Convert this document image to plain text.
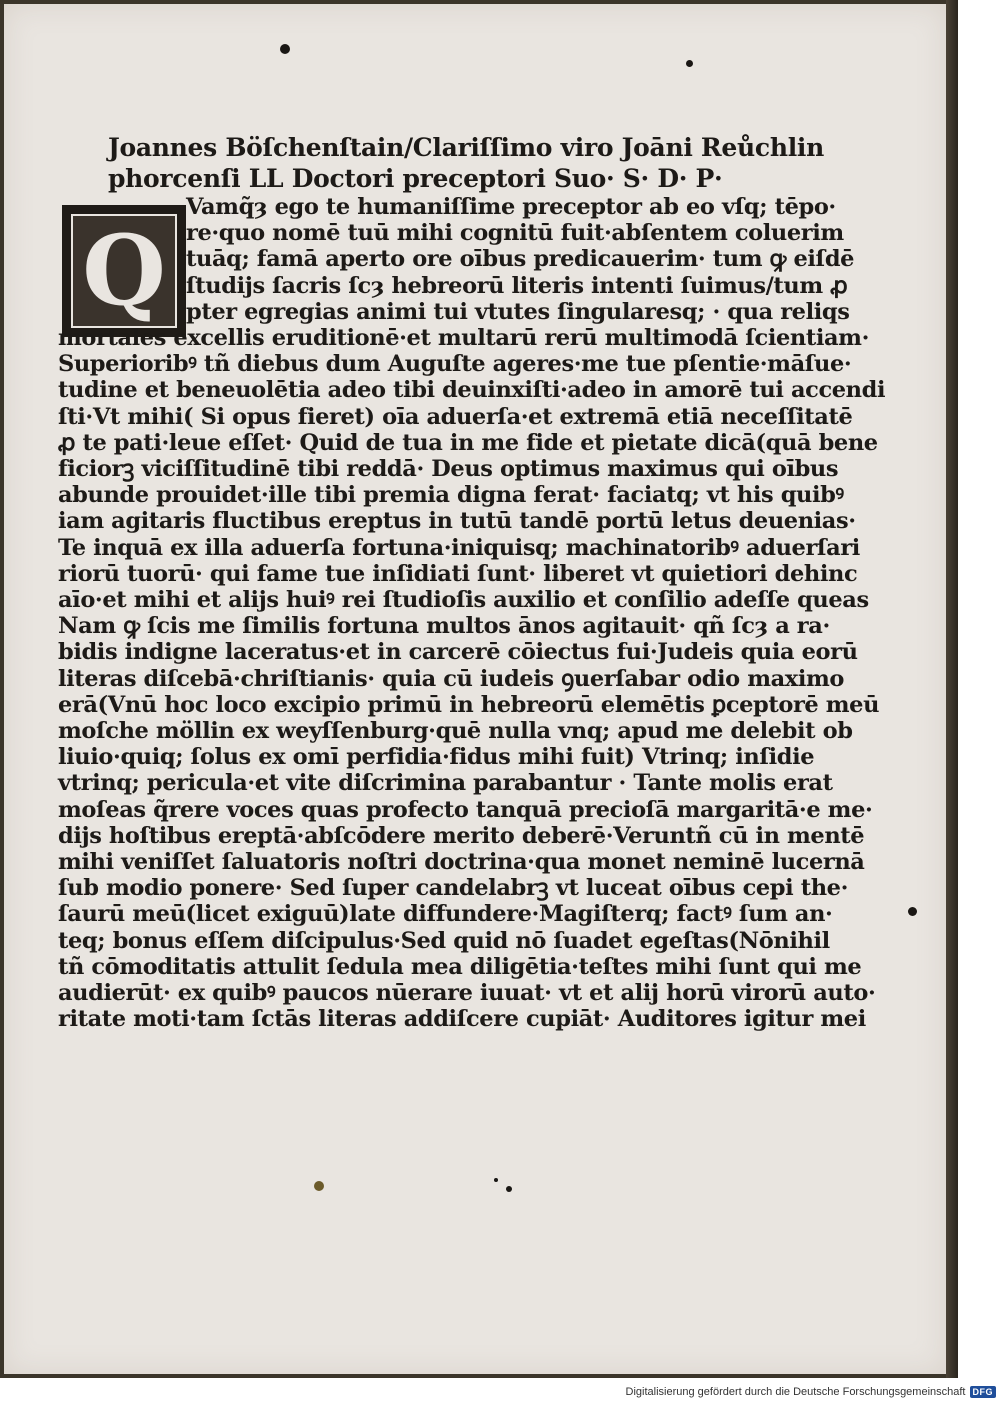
Q
Joannes Böſchenſtain/Clariſſimo viro Joāni Reůchlin
phorcenſi LL Doctori preceptori Suo· S· D· P·
Vamq̃ȝ ego te humaniſſime preceptor ab eo vſq; tēpo·
re·quo nomē tuū mihi cognitū fuit·abſentem coluerim
tuāq; famā aperto ore oībus predicauerim· tum ꝙ eiſdē
ſtudijs ſacris ſcȝ hebreorū literis intenti ſuimus/tum ꝓ
pter egregias animi tui vtutes ſingularesq; · qua reliqs
mortales excellis eruditionē·et multarū rerū multimodā ſcientiam·
Superioribꝰ tñ diebus dum Auguſte ageres·me tue pſentie·māſue·
tudine et beneuolētia adeo tibi deuinxiſti·adeo in amorē tui accendi
ſti·Vt mihi( Si opus fieret) oīa aduerſa·et extremā etiā neceſſitatē
ꝓ te pati·leue eſſet· Quid de tua in me fide et pietate dicā(quā bene
ficiorꝫ viciſſitudinē tibi reddā· Deus optimus maximus qui oībus
abunde prouidet·ille tibi premia digna ferat· faciatq; vt his quibꝰ
iam agitaris fluctibus ereptus in tutū tandē portū letus deuenias·
Te inquā ex illa aduerſa fortuna·iniquisq; machinatoribꝰ aduerſari
riorū tuorū· qui fame tue inſidiati ſunt· liberet vt quietiori dehinc
aīo·et mihi et alijs huiꝰ rei ſtudioſis auxilio et conſilio adeſſe queas
Nam ꝙ ſcis me ſimilis fortuna multos ānos agitauit· qñ ſcȝ a ra·
bidis indigne laceratus·et in carcerē cōiectus fui·Judeis quia eorū
literas diſcebā·chriſtianis· quia cū iudeis ꝯuerſabar odio maximo
erā(Vnū hoc loco excipio primū in hebreorū elemētis ꝑceptorē meū
moſche möllin ex weyſſenburg·quē nulla vnq; apud me delebit ob
liuio·quiq; ſolus ex omī perfidia·fidus mihi fuit) Vtrinq; inſidie
vtrinq; pericula·et vite diſcrimina parabantur · Tante molis erat
moſeas q̃rere voces quas profecto tanquā precioſā margaritā·e me·
dijs hoſtibus ereptā·abſcōdere merito deberē·Veruntñ cū in mentē
mihi veniſſet ſaluatoris noſtri doctrina·qua monet neminē lucernā
ſub modio ponere· Sed ſuper candelabrꝫ vt luceat oībus cepi the·
ſaurū meū(licet exiguū)late diffundere·Magiſterq; factꝰ ſum an·
teq; bonus eſſem diſcipulus·Sed quid nō ſuadet egeſtas(Nōnihil
tñ cōmoditatis attulit ſedula mea diligētia·teſtes mihi ſunt qui me
audierūt· ex quibꝰ paucos nūerare iuuat· vt et alij horū virorū auto·
ritate moti·tam ſctās literas addiſcere cupiāt· Auditores igitur mei
Digitalisierung gefördert durch die Deutsche Forschungsgemeinschaft DFG
